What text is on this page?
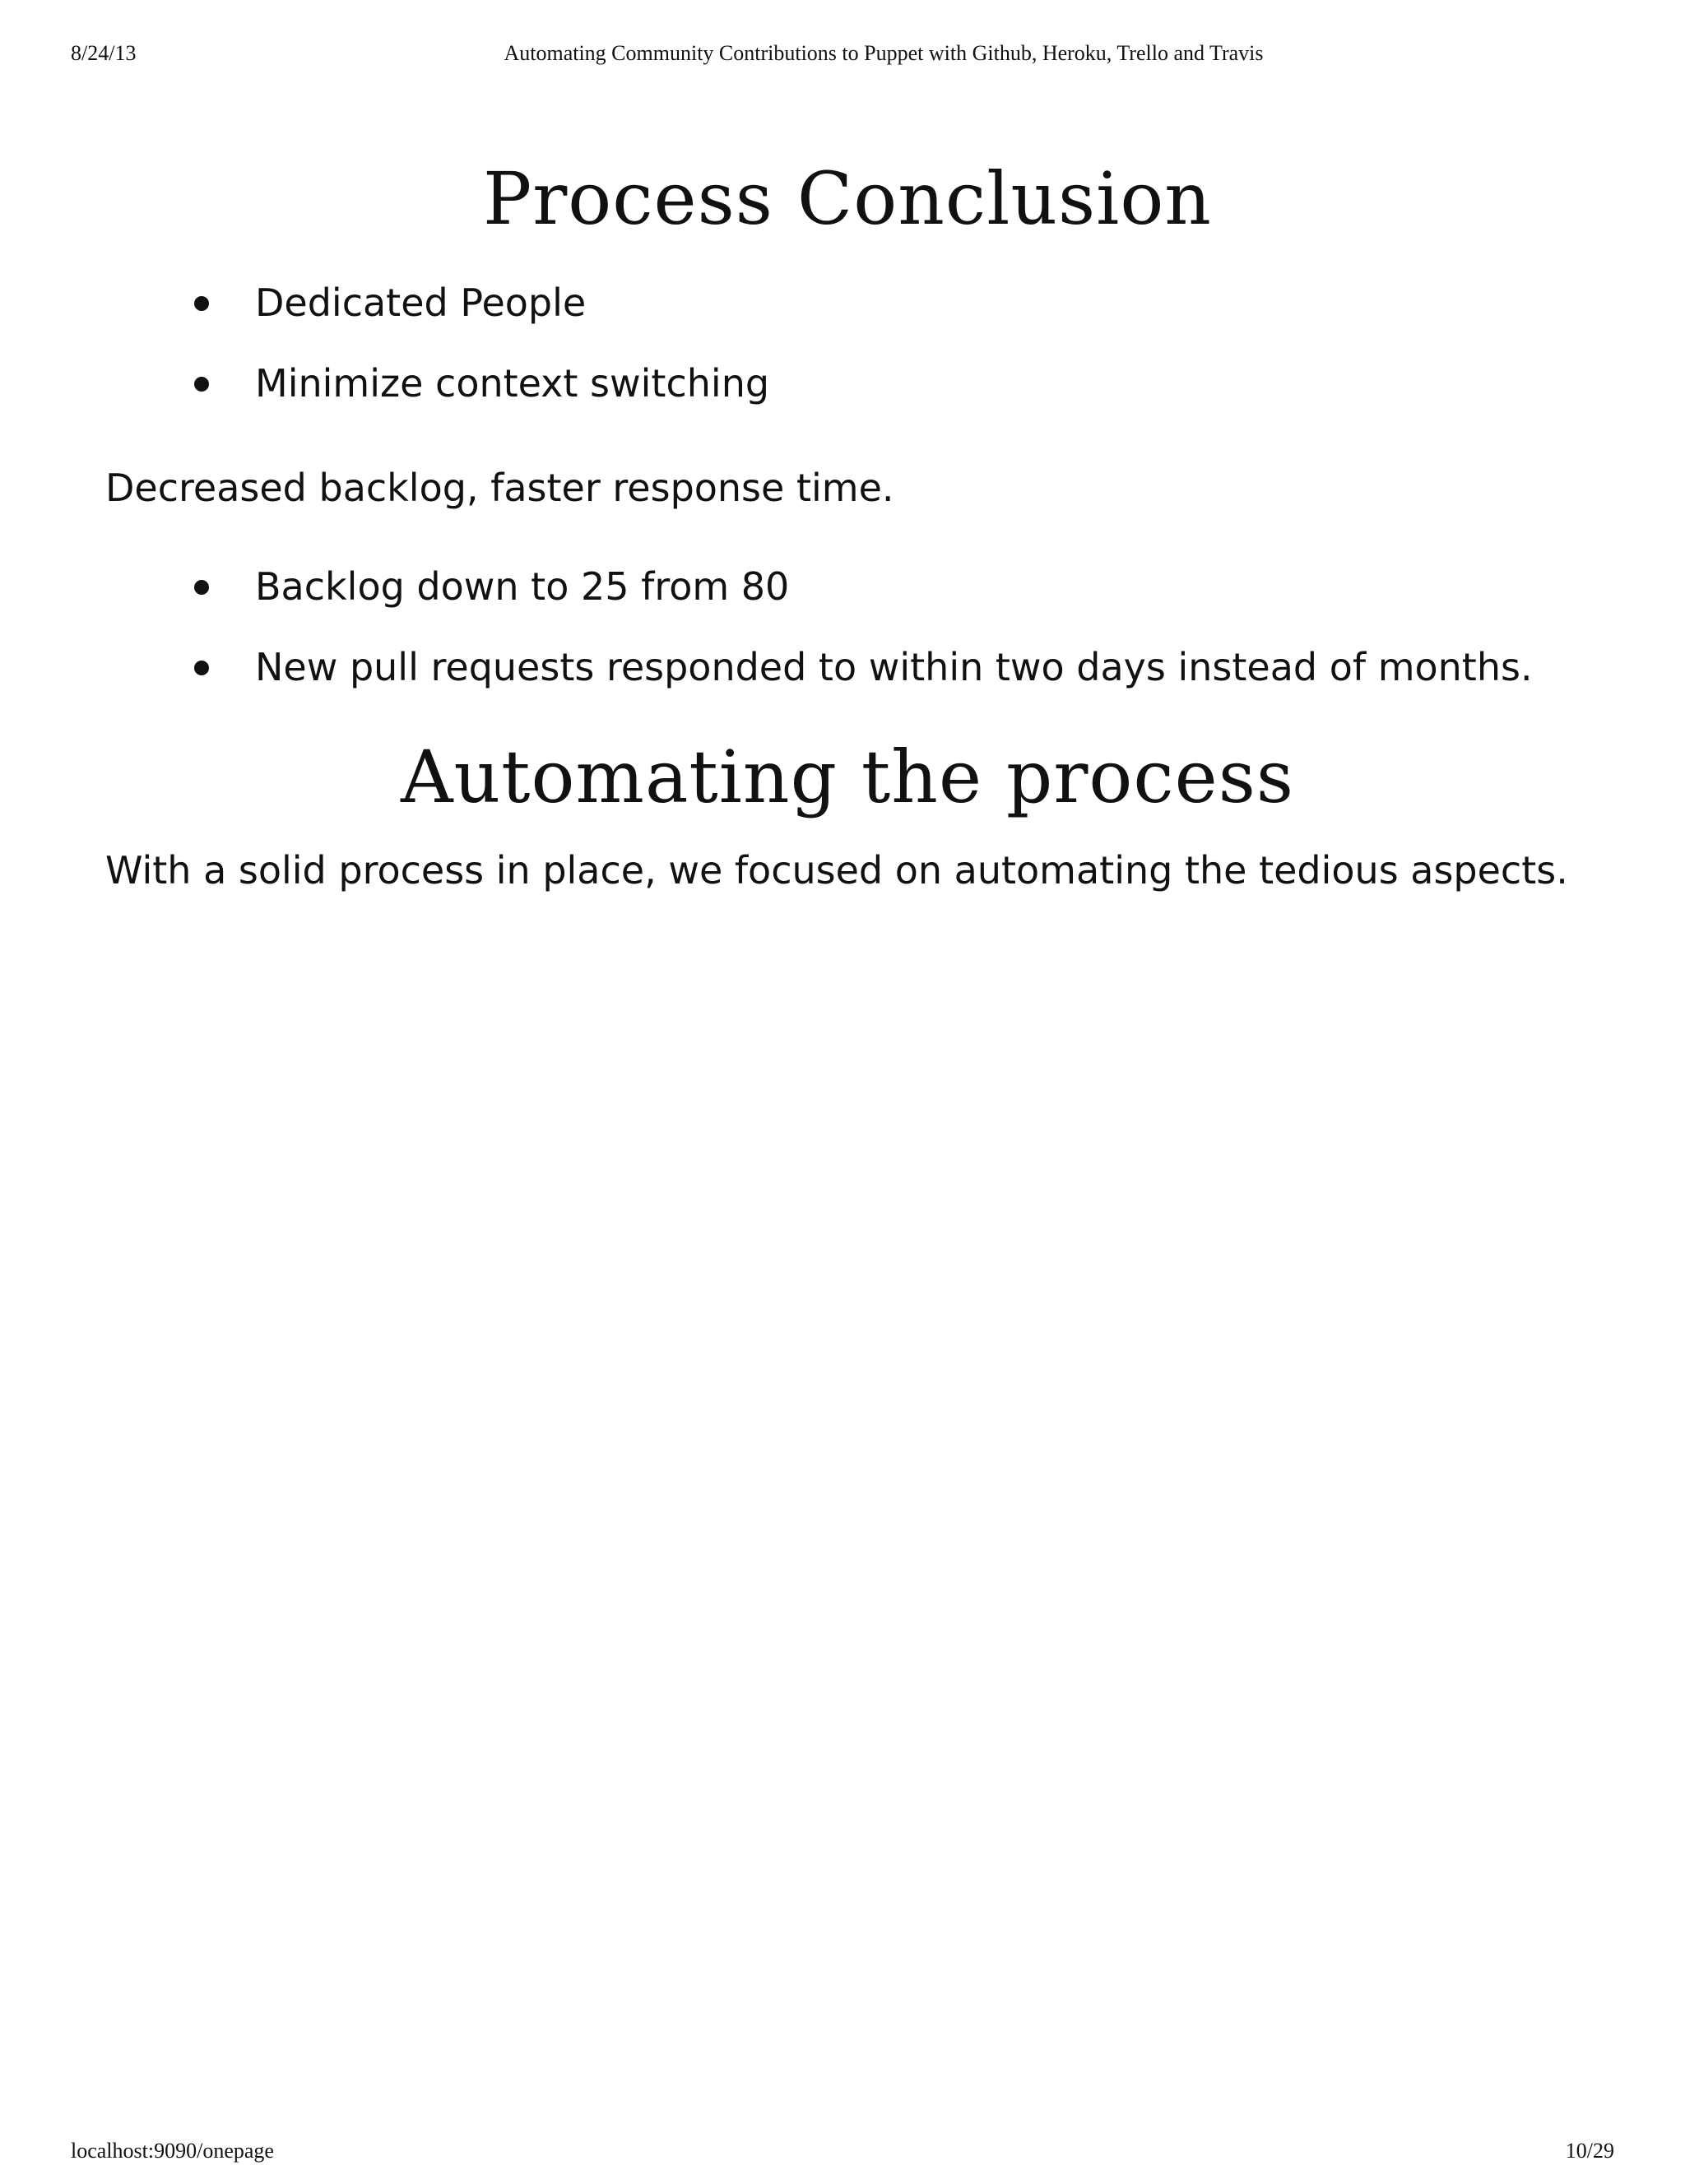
8/24/13	Automating Community Contributions to Puppet with Github, Heroku, Trello and Travis
Process Conclusion
Dedicated People
Minimize context switching

Decreased backlog, faster response time.

Backlog down to 25 from 80
New pull requests responded to within two days instead of months.
Automating the process

With a solid process in place, we focused on automating the tedious aspects.

localhost:9090/onepage	10/29
